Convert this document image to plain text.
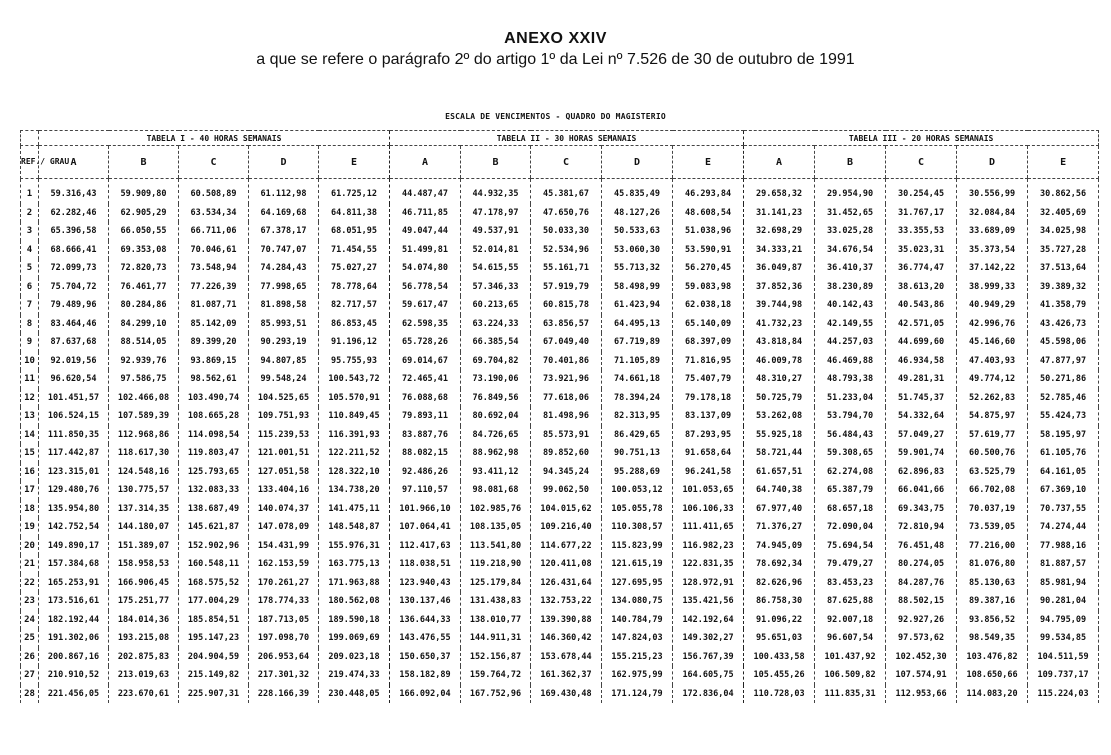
ANEXO XXIV
a que se refere o parágrafo 2º do artigo 1º da Lei nº 7.526 de 30 de outubro de 1991
ESCALA DE VENCIMENTOS - QUADRO DO MAGISTERIO
	TABELA I - 40 HORAS SEMANAIS					TABELA II - 30 HORAS SEMANAIS					TABELA III - 20 HORAS SEMANAIS				
REF./ GRAU	A	B	C	D	E	A	B	C	D	E	A	B	C	D	E
1	59.316,43	59.909,80	60.508,89	61.112,98	61.725,12	44.487,47	44.932,35	45.381,67	45.835,49	46.293,84	29.658,32	29.954,90	30.254,45	30.556,99	30.862,56
2	62.282,46	62.905,29	63.534,34	64.169,68	64.811,38	46.711,85	47.178,97	47.650,76	48.127,26	48.608,54	31.141,23	31.452,65	31.767,17	32.084,84	32.405,69
3	65.396,58	66.050,55	66.711,06	67.378,17	68.051,95	49.047,44	49.537,91	50.033,30	50.533,63	51.038,96	32.698,29	33.025,28	33.355,53	33.689,09	34.025,98
4	68.666,41	69.353,08	70.046,61	70.747,07	71.454,55	51.499,81	52.014,81	52.534,96	53.060,30	53.590,91	34.333,21	34.676,54	35.023,31	35.373,54	35.727,28
5	72.099,73	72.820,73	73.548,94	74.284,43	75.027,27	54.074,80	54.615,55	55.161,71	55.713,32	56.270,45	36.049,87	36.410,37	36.774,47	37.142,22	37.513,64
6	75.704,72	76.461,77	77.226,39	77.998,65	78.778,64	56.778,54	57.346,33	57.919,79	58.498,99	59.083,98	37.852,36	38.230,89	38.613,20	38.999,33	39.389,32
7	79.489,96	80.284,86	81.087,71	81.898,58	82.717,57	59.617,47	60.213,65	60.815,78	61.423,94	62.038,18	39.744,98	40.142,43	40.543,86	40.949,29	41.358,79
8	83.464,46	84.299,10	85.142,09	85.993,51	86.853,45	62.598,35	63.224,33	63.856,57	64.495,13	65.140,09	41.732,23	42.149,55	42.571,05	42.996,76	43.426,73
9	87.637,68	88.514,05	89.399,20	90.293,19	91.196,12	65.728,26	66.385,54	67.049,40	67.719,89	68.397,09	43.818,84	44.257,03	44.699,60	45.146,60	45.598,06
10	92.019,56	92.939,76	93.869,15	94.807,85	95.755,93	69.014,67	69.704,82	70.401,86	71.105,89	71.816,95	46.009,78	46.469,88	46.934,58	47.403,93	47.877,97
11	96.620,54	97.586,75	98.562,61	99.548,24	100.543,72	72.465,41	73.190,06	73.921,96	74.661,18	75.407,79	48.310,27	48.793,38	49.281,31	49.774,12	50.271,86
12	101.451,57	102.466,08	103.490,74	104.525,65	105.570,91	76.088,68	76.849,56	77.618,06	78.394,24	79.178,18	50.725,79	51.233,04	51.745,37	52.262,83	52.785,46
13	106.524,15	107.589,39	108.665,28	109.751,93	110.849,45	79.893,11	80.692,04	81.498,96	82.313,95	83.137,09	53.262,08	53.794,70	54.332,64	54.875,97	55.424,73
14	111.850,35	112.968,86	114.098,54	115.239,53	116.391,93	83.887,76	84.726,65	85.573,91	86.429,65	87.293,95	55.925,18	56.484,43	57.049,27	57.619,77	58.195,97
15	117.442,87	118.617,30	119.803,47	121.001,51	122.211,52	88.082,15	88.962,98	89.852,60	90.751,13	91.658,64	58.721,44	59.308,65	59.901,74	60.500,76	61.105,76
16	123.315,01	124.548,16	125.793,65	127.051,58	128.322,10	92.486,26	93.411,12	94.345,24	95.288,69	96.241,58	61.657,51	62.274,08	62.896,83	63.525,79	64.161,05
17	129.480,76	130.775,57	132.083,33	133.404,16	134.738,20	97.110,57	98.081,68	99.062,50	100.053,12	101.053,65	64.740,38	65.387,79	66.041,66	66.702,08	67.369,10
18	135.954,80	137.314,35	138.687,49	140.074,37	141.475,11	101.966,10	102.985,76	104.015,62	105.055,78	106.106,33	67.977,40	68.657,18	69.343,75	70.037,19	70.737,55
19	142.752,54	144.180,07	145.621,87	147.078,09	148.548,87	107.064,41	108.135,05	109.216,40	110.308,57	111.411,65	71.376,27	72.090,04	72.810,94	73.539,05	74.274,44
20	149.890,17	151.389,07	152.902,96	154.431,99	155.976,31	112.417,63	113.541,80	114.677,22	115.823,99	116.982,23	74.945,09	75.694,54	76.451,48	77.216,00	77.988,16
21	157.384,68	158.958,53	160.548,11	162.153,59	163.775,13	118.038,51	119.218,90	120.411,08	121.615,19	122.831,35	78.692,34	79.479,27	80.274,05	81.076,80	81.887,57
22	165.253,91	166.906,45	168.575,52	170.261,27	171.963,88	123.940,43	125.179,84	126.431,64	127.695,95	128.972,91	82.626,96	83.453,23	84.287,76	85.130,63	85.981,94
23	173.516,61	175.251,77	177.004,29	178.774,33	180.562,08	130.137,46	131.438,83	132.753,22	134.080,75	135.421,56	86.758,30	87.625,88	88.502,15	89.387,16	90.281,04
24	182.192,44	184.014,36	185.854,51	187.713,05	189.590,18	136.644,33	138.010,77	139.390,88	140.784,79	142.192,64	91.096,22	92.007,18	92.927,26	93.856,52	94.795,09
25	191.302,06	193.215,08	195.147,23	197.098,70	199.069,69	143.476,55	144.911,31	146.360,42	147.824,03	149.302,27	95.651,03	96.607,54	97.573,62	98.549,35	99.534,85
26	200.867,16	202.875,83	204.904,59	206.953,64	209.023,18	150.650,37	152.156,87	153.678,44	155.215,23	156.767,39	100.433,58	101.437,92	102.452,30	103.476,82	104.511,59
27	210.910,52	213.019,63	215.149,82	217.301,32	219.474,33	158.182,89	159.764,72	161.362,37	162.975,99	164.605,75	105.455,26	106.509,82	107.574,91	108.650,66	109.737,17
28	221.456,05	223.670,61	225.907,31	228.166,39	230.448,05	166.092,04	167.752,96	169.430,48	171.124,79	172.836,04	110.728,03	111.835,31	112.953,66	114.083,20	115.224,03
